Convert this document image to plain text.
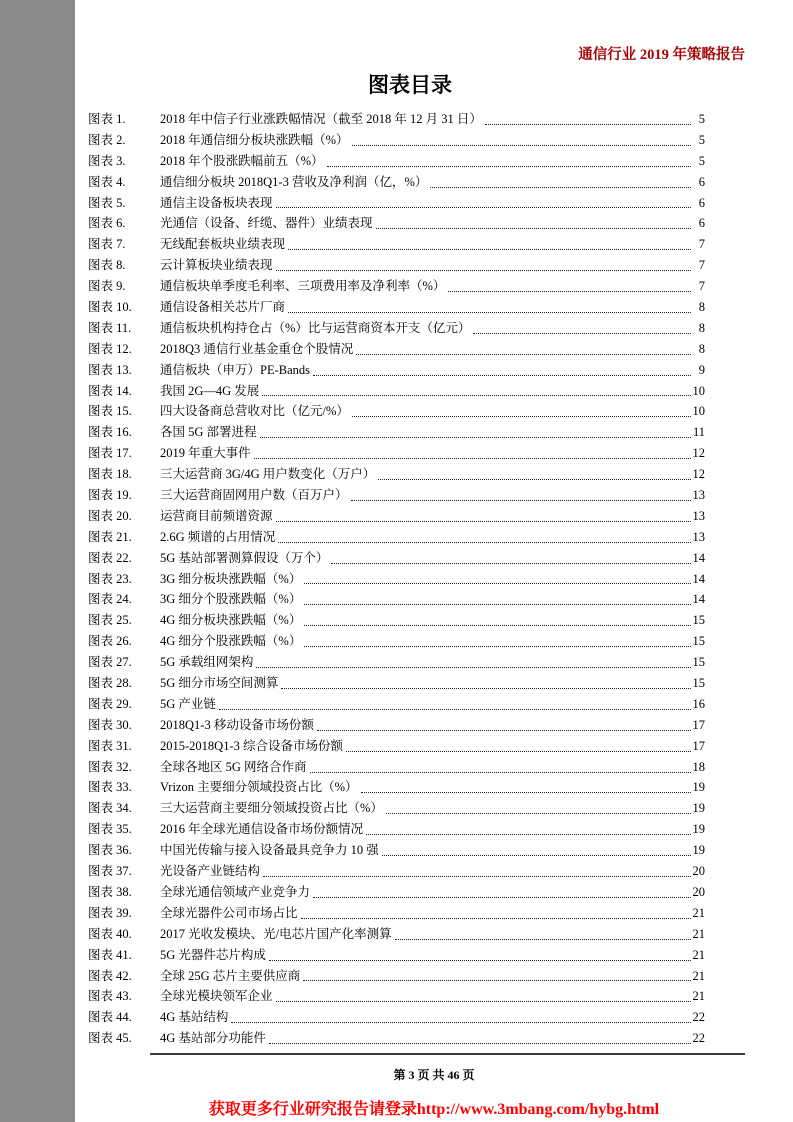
通信行业 2019 年策略报告
图表目录
图表 1.	2018 年中信子行业涨跌幅情况（截至 2018 年 12 月 31 日）	5
图表 2.	2018 年通信细分板块涨跌幅（%）	5
图表 3.	2018 年个股涨跌幅前五（%）	5
图表 4.	通信细分板块 2018Q1-3 营收及净利润（亿，%）	6
图表 5.	通信主设备板块表现	6
图表 6.	光通信（设备、纤缆、器件）业绩表现	6
图表 7.	无线配套板块业绩表现	7
图表 8.	云计算板块业绩表现	7
图表 9.	通信板块单季度毛利率、三项费用率及净利率（%）	7
图表 10.	通信设备相关芯片厂商	8
图表 11.	通信板块机构持仓占（%）比与运营商资本开支（亿元）	8
图表 12.	2018Q3 通信行业基金重仓个股情况	8
图表 13.	通信板块（申万）PE-Bands	9
图表 14.	我国 2G—4G 发展	10
图表 15.	四大设备商总营收对比（亿元/%）	10
图表 16.	各国 5G 部署进程	11
图表 17.	2019 年重大事件	12
图表 18.	三大运营商 3G/4G 用户数变化（万户）	12
图表 19.	三大运营商固网用户数（百万户）	13
图表 20.	运营商目前频谱资源	13
图表 21.	2.6G 频谱的占用情况	13
图表 22.	5G 基站部署测算假设（万个）	14
图表 23.	3G 细分板块涨跌幅（%）	14
图表 24.	3G 细分个股涨跌幅（%）	14
图表 25.	4G 细分板块涨跌幅（%）	15
图表 26.	4G 细分个股涨跌幅（%）	15
图表 27.	5G 承载组网架构	15
图表 28.	5G 细分市场空间测算	15
图表 29.	5G 产业链	16
图表 30.	2018Q1-3 移动设备市场份额	17
图表 31.	2015-2018Q1-3 综合设备市场份额	17
图表 32.	全球各地区 5G 网络合作商	18
图表 33.	Vrizon 主要细分领域投资占比（%）	19
图表 34.	三大运营商主要细分领域投资占比（%）	19
图表 35.	2016 年全球光通信设备市场份额情况	19
图表 36.	中国光传输与接入设备最具竞争力 10 强	19
图表 37.	光设备产业链结构	20
图表 38.	全球光通信领域产业竞争力	20
图表 39.	全球光器件公司市场占比	21
图表 40.	2017 光收发模块、光/电芯片国产化率测算	21
图表 41.	5G 光器件芯片构成	21
图表 42.	全球 25G 芯片主要供应商	21
图表 43.	全球光模块领军企业	21
图表 44.	4G 基站结构	22
图表 45.	4G 基站部分功能件	22
第 3 页 共 46 页
获取更多行业研究报告请登录http://www.3mbang.com/hybg.html
